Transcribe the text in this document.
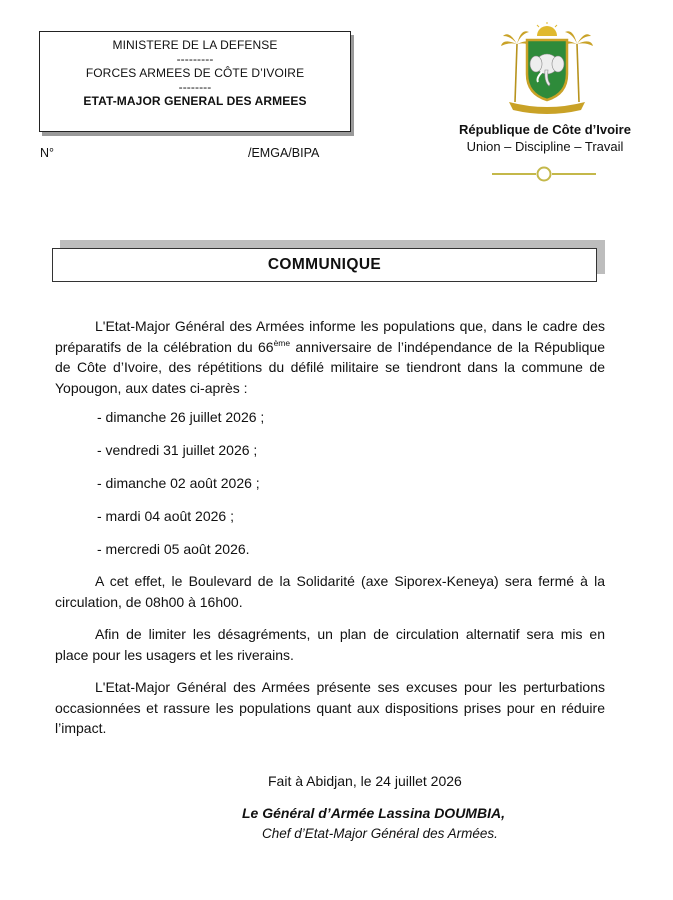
MINISTERE DE LA DEFENSE
---------
FORCES ARMEES DE CÔTE D’IVOIRE
--------
ETAT-MAJOR GENERAL DES ARMEES
N°	/EMGA/BIPA
République de Côte d’Ivoire
Union – Discipline – Travail
COMMUNIQUE
L'Etat-Major Général des Armées informe les populations que, dans le cadre des préparatifs de la célébration du 66ème anniversaire de l’indépendance de la République de Côte d’Ivoire, des répétitions du défilé militaire se tiendront dans la commune de Yopougon, aux dates ci-après :
- dimanche 26 juillet 2026 ;
- vendredi 31 juillet 2026 ;
- dimanche 02 août 2026 ;
- mardi 04 août 2026 ;
- mercredi 05 août 2026.
A cet effet, le Boulevard de la Solidarité (axe Siporex-Keneya) sera fermé à la circulation, de 08h00 à 16h00.
Afin de limiter les désagréments, un plan de circulation alternatif sera mis en place pour les usagers et les riverains.
L'Etat-Major Général des Armées présente ses excuses pour les perturbations occasionnées et rassure les populations quant aux dispositions prises pour en réduire l’impact.
Fait à Abidjan, le 24 juillet 2026
Le Général d’Armée Lassina DOUMBIA,
Chef d’Etat-Major Général des Armées.
